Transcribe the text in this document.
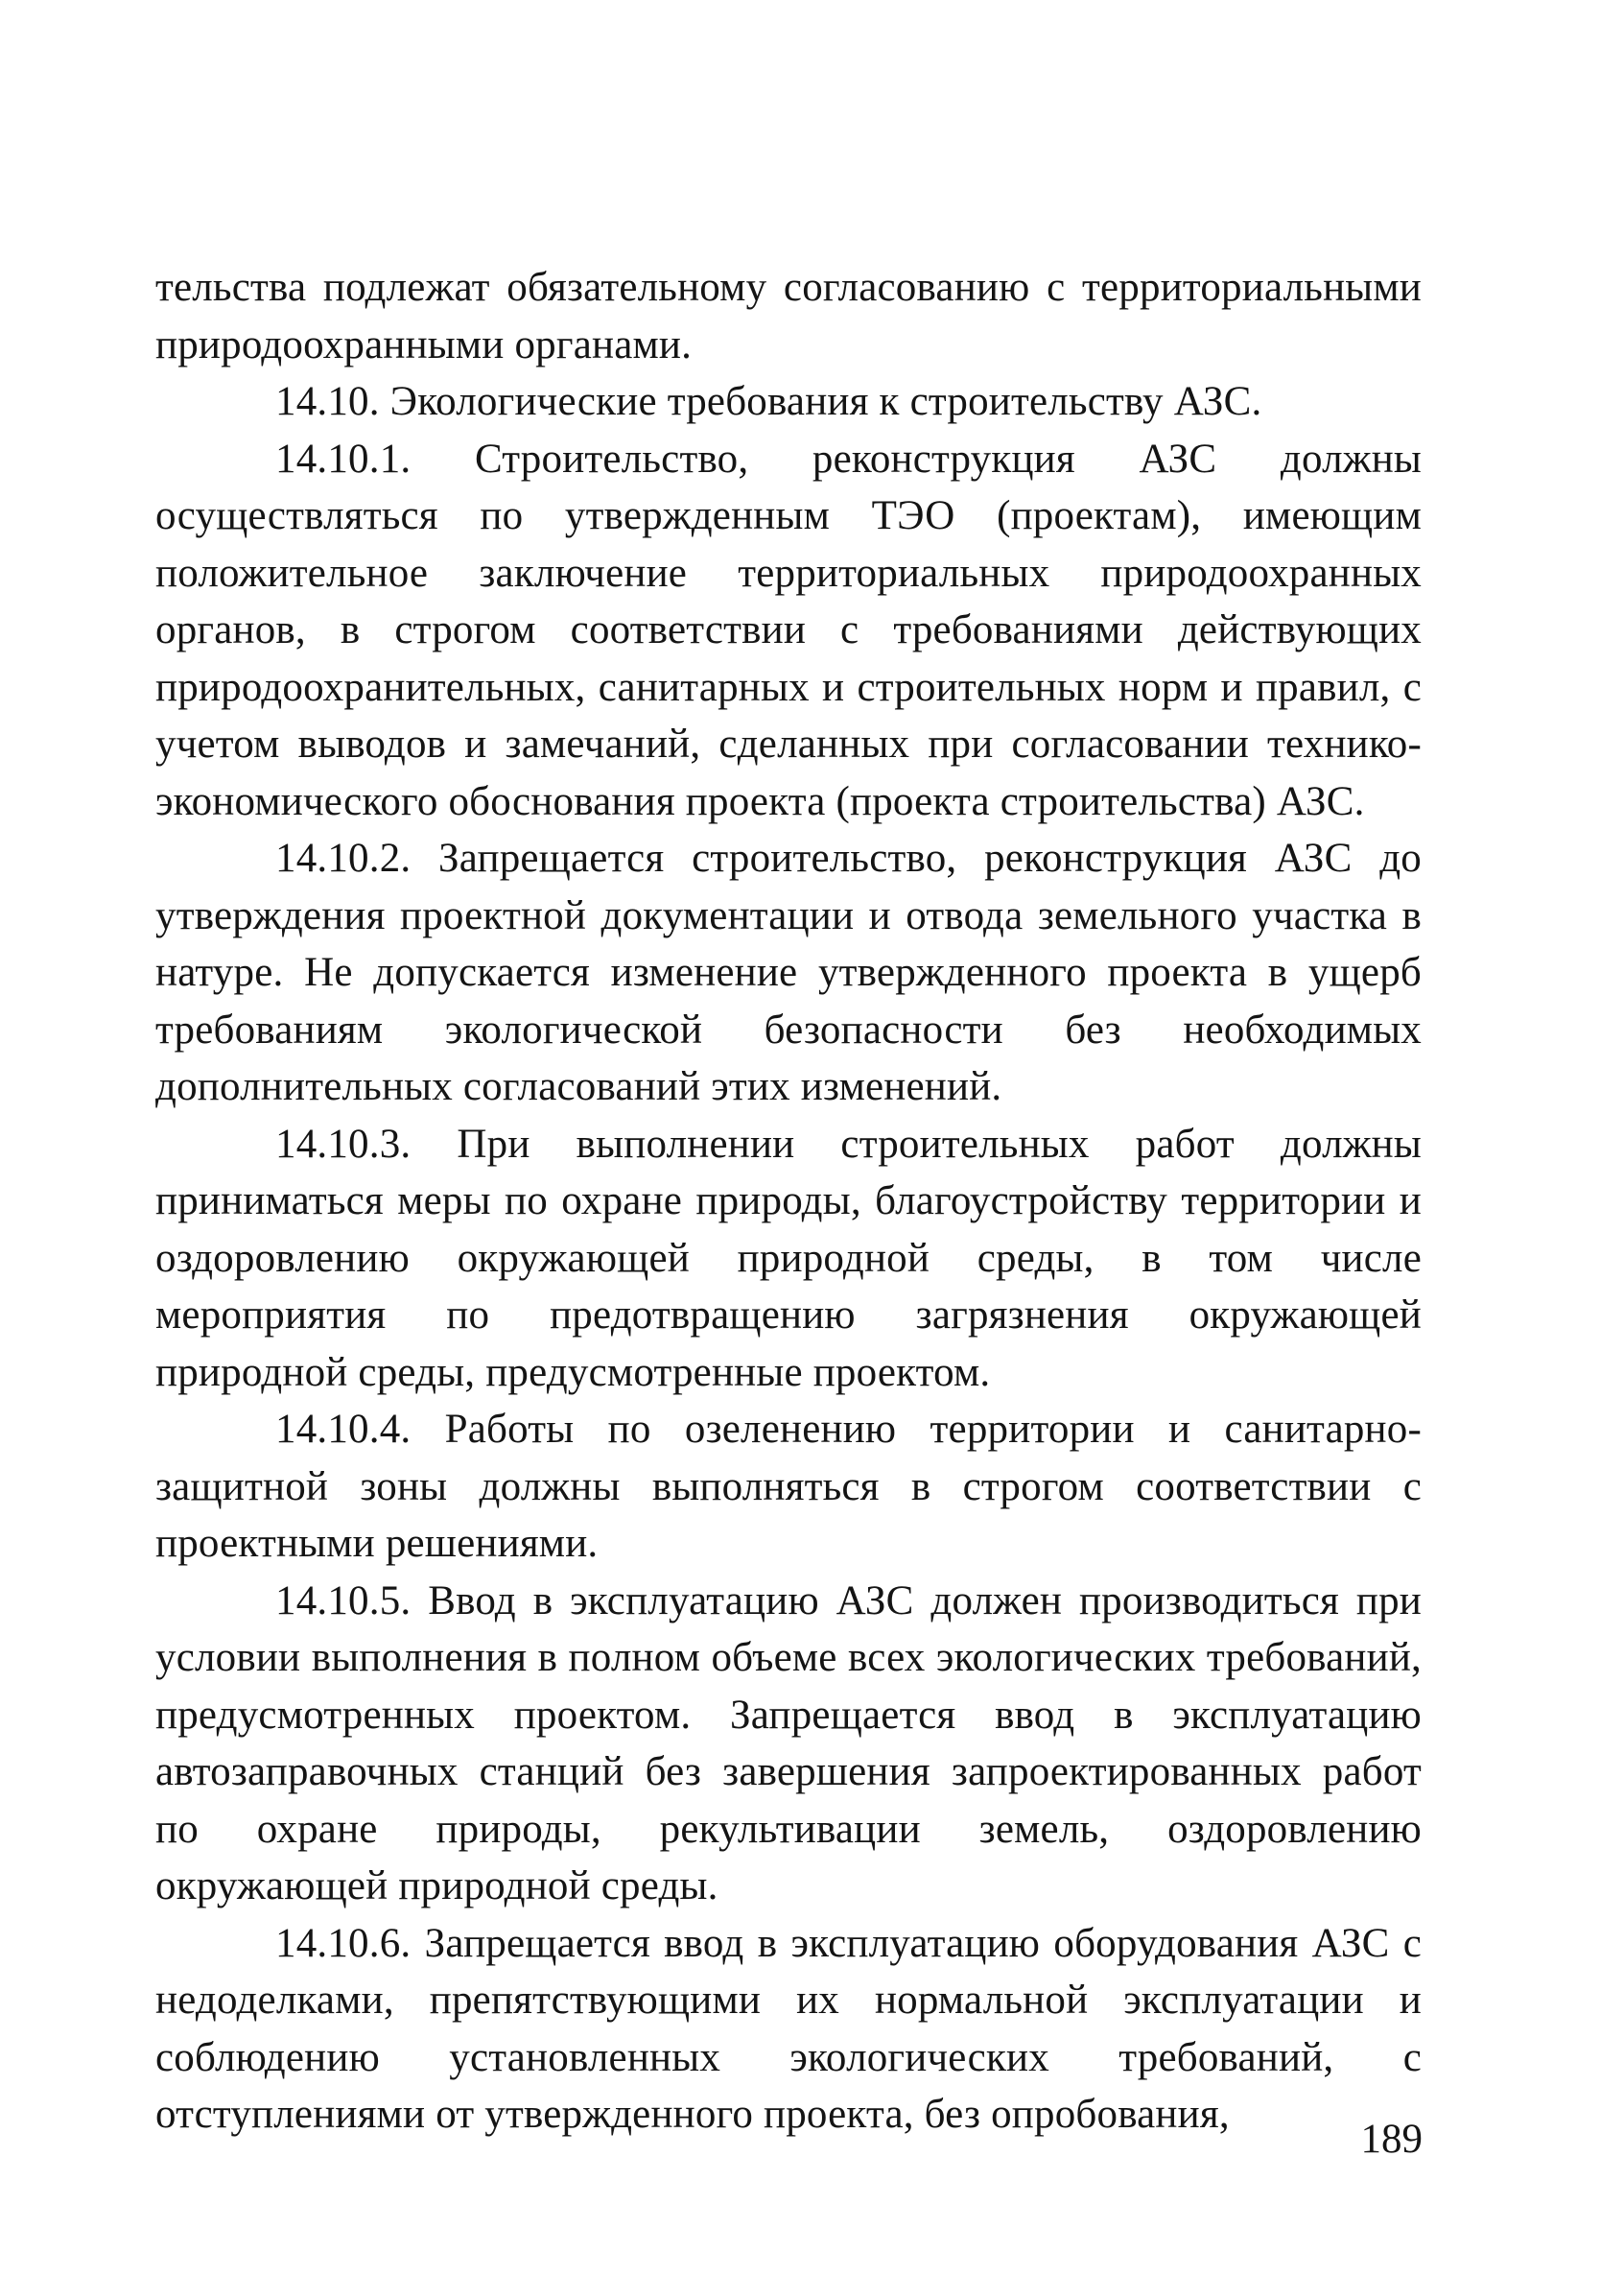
тельства подлежат обязательному согласованию с территориальными природоохранными органами.

14.10. Экологические требования к строительству АЗС.

14.10.1. Строительство, реконструкция АЗС должны осуществляться по утвержденным ТЭО (проектам), имеющим положительное заключение территориальных природоохранных органов, в строгом соответствии с требованиями действующих природоохранительных, санитарных и строительных норм и правил, с учетом выводов и замечаний, сделанных при согласовании технико-экономического обоснования проекта (проекта строительства) АЗС.

14.10.2. Запрещается строительство, реконструкция АЗС до утверждения проектной документации и отвода земельного участка в натуре. Не допускается изменение утвержденного проекта в ущерб требованиям экологической безопасности без необходимых дополнительных согласований этих изменений.

14.10.3. При выполнении строительных работ должны приниматься меры по охране природы, благоустройству территории и оздоровлению окружающей природной среды, в том числе мероприятия по предотвращению загрязнения окружающей природной среды, предусмотренные проектом.

14.10.4. Работы по озеленению территории и санитарно-защитной зоны должны выполняться в строгом соответствии с проектными решениями.

14.10.5. Ввод в эксплуатацию АЗС должен производиться при условии выполнения в полном объеме всех экологических требований, предусмотренных проектом. Запрещается ввод в эксплуатацию автозаправочных станций без завершения запроектированных работ по охране природы, рекультивации земель, оздоровлению окружающей природной среды.

14.10.6. Запрещается ввод в эксплуатацию оборудования АЗС с недоделками, препятствующими их нормальной эксплуатации и соблюдению установленных экологических требований, с отступлениями от утвержденного проекта, без опробования,

189
